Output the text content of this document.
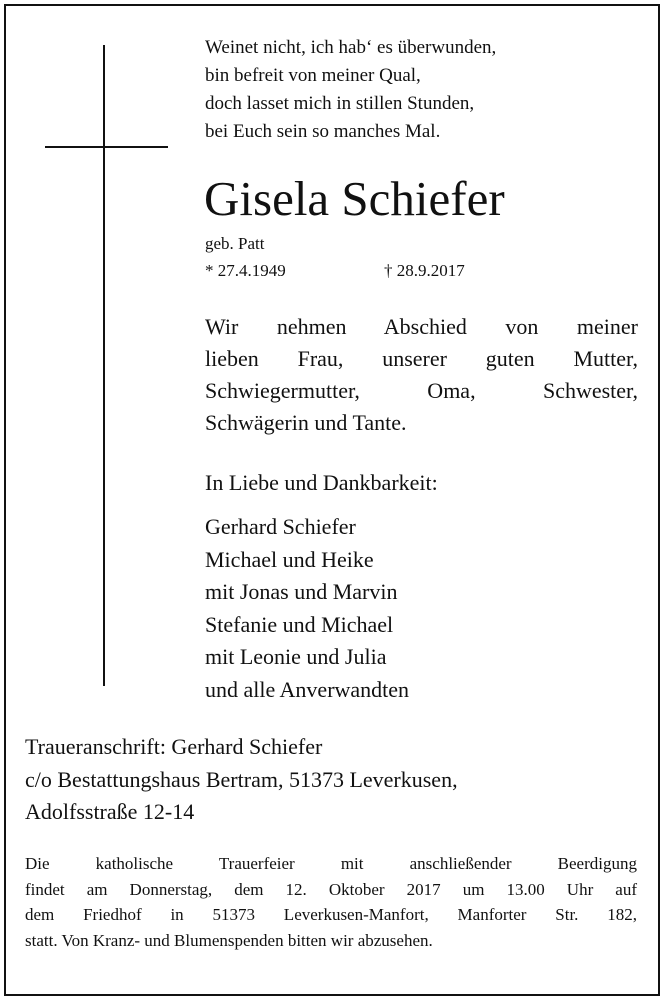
Weinet nicht, ich hab‘ es überwunden,
bin befreit von meiner Qual,
doch lasset mich in stillen Stunden,
bei Euch sein so manches Mal.
Gisela Schiefer
geb. Patt
* 27.4.1949	† 28.9.2017
Wir nehmen Abschied von meiner
lieben Frau, unserer guten Mutter,
Schwiegermutter, Oma, Schwester,
Schwägerin und Tante.
In Liebe und Dankbarkeit:
Gerhard Schiefer
Michael und Heike
mit Jonas und Marvin
Stefanie und Michael
mit Leonie und Julia
und alle Anverwandten
Traueranschrift: Gerhard Schiefer
c/o Bestattungshaus Bertram, 51373 Leverkusen,
Adolfsstraße 12-14
Die katholische Trauerfeier mit anschließender Beerdigung
findet am Donnerstag, dem 12. Oktober 2017 um 13.00 Uhr auf
dem Friedhof in 51373 Leverkusen-Manfort, Manforter Str. 182,
statt. Von Kranz- und Blumenspenden bitten wir abzusehen.
